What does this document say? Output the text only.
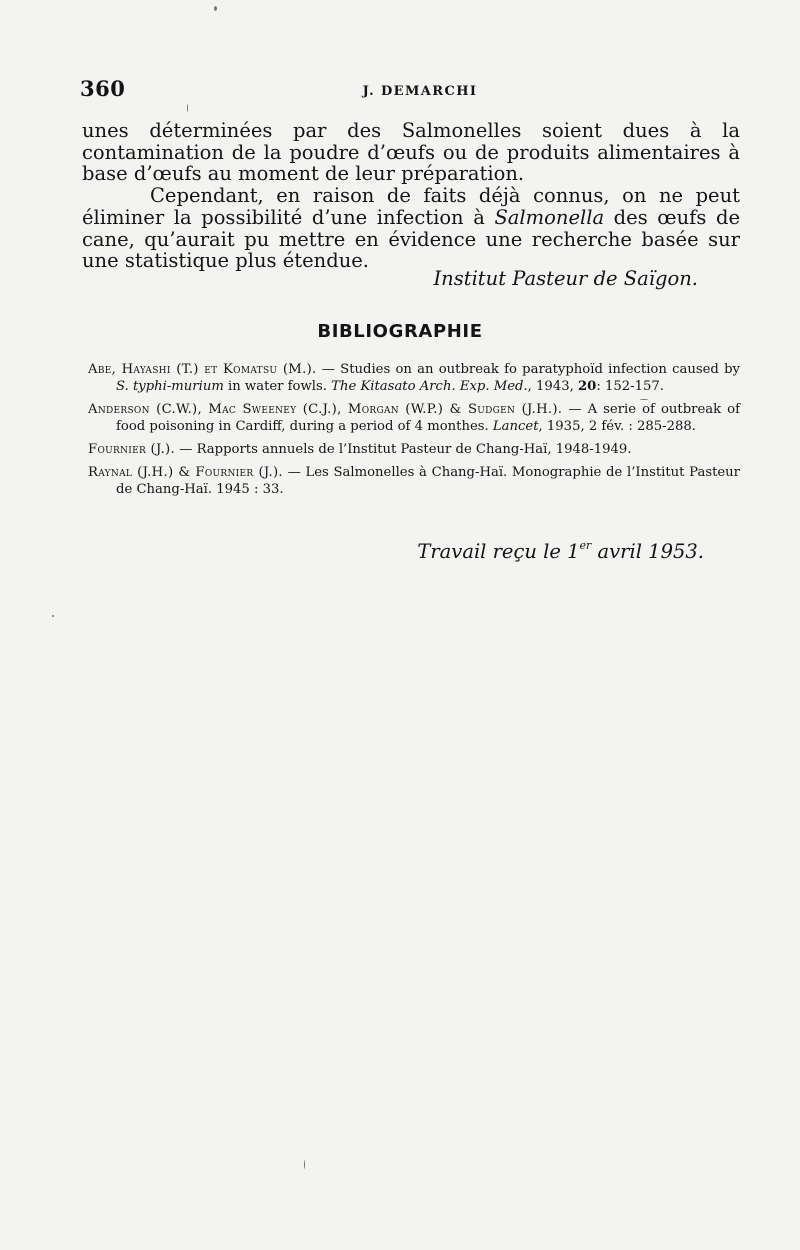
360	J. DEMARCHI

unes déterminées par des Salmonelles soient dues à la contamination de la poudre d’œufs ou de produits alimentaires à base d’œufs au moment de leur préparation.

Cependant, en raison de faits déjà connus, on ne peut éliminer la possibilité d’une infection à Salmonella des œufs de cane, qu’aurait pu mettre en évidence une recherche basée sur une statistique plus étendue.

Institut Pasteur de Saïgon.
BIBLIOGRAPHIE

Abe, Hayashi (T.) et Komatsu (M.). — Studies on an outbreak fo paratyphoïd infection caused by S. typhi-murium in water fowls. The Kitasato Arch. Exp. Med., 1943, 20: 152-157.

Anderson (C.W.), Mac Sweeney (C.J.), Morgan (W.P.) & Sudgen (J.H.). — A serie of outbreak of food poisoning in Cardiff, during a period of 4 monthes. Lancet, 1935, 2 fév. : 285-288.

Fournier (J.). — Rapports annuels de l’Institut Pasteur de Chang-Haï, 1948-1949.

Raynal (J.H.) & Fournier (J.). — Les Salmonelles à Chang-Haï. Monographie de l’Institut Pasteur de Chang-Haï. 1945 : 33.

Travail reçu le 1er avril 1953.
